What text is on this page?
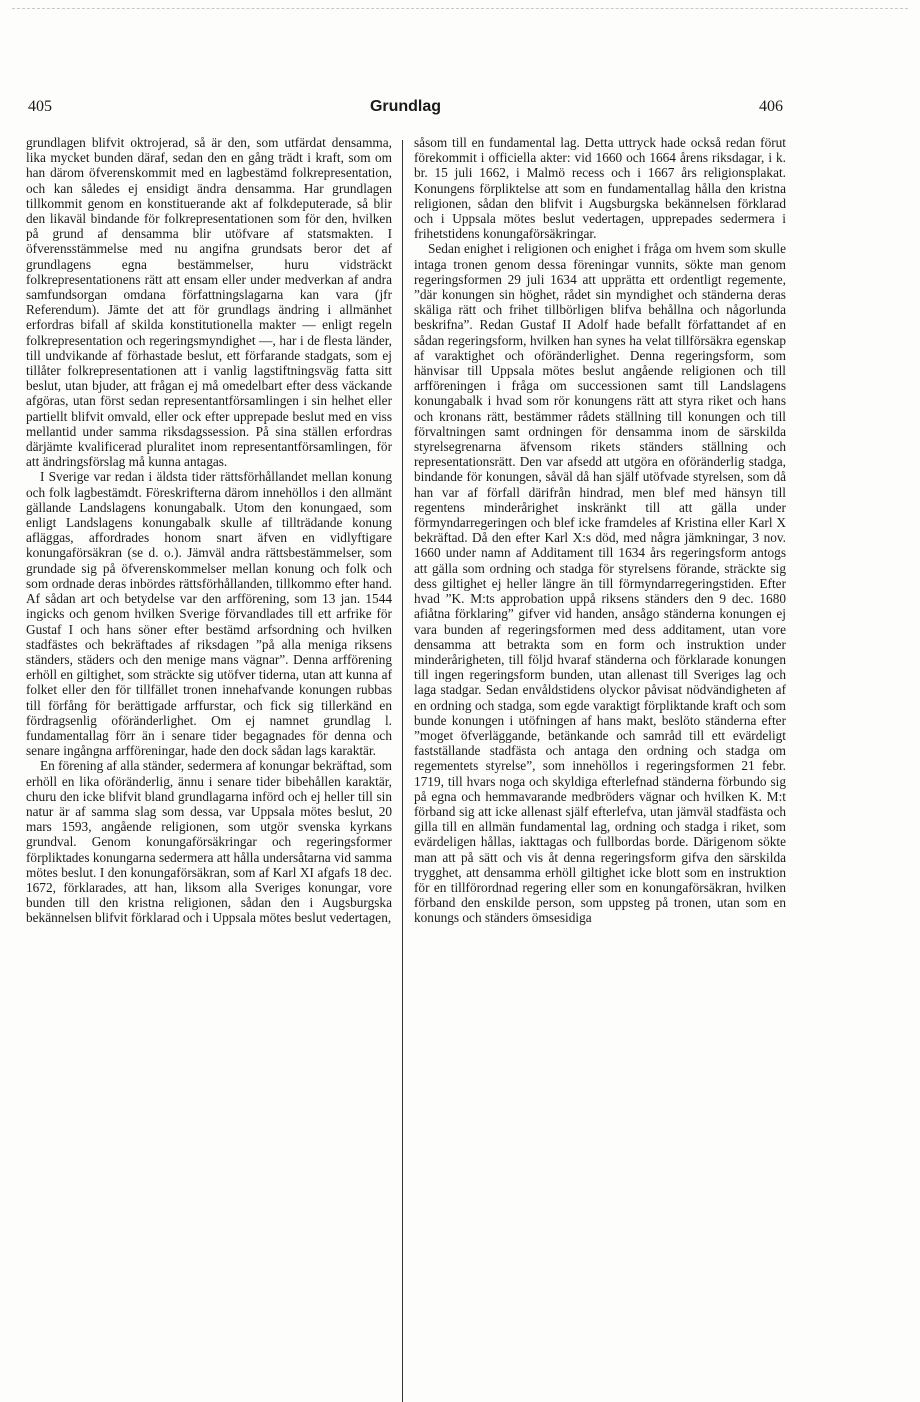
405	Grundlag	406

grundlagen blifvit oktrojerad, så är den, som utfärdat densamma, lika mycket bunden däraf, sedan den en gång trädt i kraft, som om han därom öfverenskommit med en lagbestämd folkrepresentation, och kan således ej ensidigt ändra densamma. Har grundlagen tillkommit genom en konstituerande akt af folkdeputerade, så blir den likaväl bindande för folkrepresentationen som för den, hvilken på grund af densamma blir utöfvare af statsmakten. I öfverensstämmelse med nu angifna grundsats beror det af grundlagens egna bestämmelser, huru vidsträckt folkrepresentationens rätt att ensam eller under medverkan af andra samfundsorgan omdana författningslagarna kan vara (jfr Referendum). Jämte det att för grundlags ändring i allmänhet erfordras bifall af skilda konstitutionella makter — enligt regeln folkrepresentation och regeringsmyndighet —, har i de flesta länder, till undvikande af förhastade beslut, ett förfarande stadgats, som ej tillåter folkrepresentationen att i vanlig lagstiftningsväg fatta sitt beslut, utan bjuder, att frågan ej må omedelbart efter dess väckande afgöras, utan först sedan representantförsamlingen i sin helhet eller partiellt blifvit omvald, eller ock efter upprepade beslut med en viss mellantid under samma riksdagssession. På sina ställen erfordras därjämte kvalificerad pluralitet inom representantförsamlingen, för att ändringsförslag må kunna antagas.

I Sverige var redan i äldsta tider rättsförhållandet mellan konung och folk lagbestämdt. Föreskrifterna därom innehöllos i den allmänt gällande Landslagens konungabalk. Utom den konungaed, som enligt Landslagens konungabalk skulle af tillträdande konung afläggas, affordrades honom snart äfven en vidlyftigare konungaförsäkran (se d. o.). Jämväl andra rättsbestämmelser, som grundade sig på öfverenskommelser mellan konung och folk och som ordnade deras inbördes rättsförhållanden, tillkommo efter hand. Af sådan art och betydelse var den arfförening, som 13 jan. 1544 ingicks och genom hvilken Sverige förvandlades till ett arfrike för Gustaf I och hans söner efter bestämd arfsordning och hvilken stadfästes och bekräftades af riksdagen ”på alla meniga riksens ständers, städers och den menige mans vägnar”. Denna arfförening erhöll en giltighet, som sträckte sig utöfver tiderna, utan att kunna af folket eller den för tillfället tronen innehafvande konungen rubbas till förfång för berättigade arffurstar, och fick sig tillerkänd en fördragsenlig oföränderlighet. Om ej namnet grundlag l. fundamentallag förr än i senare tider begagnades för denna och senare ingångna arfföreningar, hade den dock sådan lags karaktär.

En förening af alla ständer, sedermera af konungar bekräftad, som erhöll en lika oföränderlig, ännu i senare tider bibehållen karaktär, churu den icke blifvit bland grundlagarna införd och ej heller till sin natur är af samma slag som dessa, var Uppsala mötes beslut, 20 mars 1593, angående religionen, som utgör svenska kyrkans grundval. Genom konungaförsäkringar och regeringsformer förpliktades konungarna sedermera att hålla undersåtarna vid samma mötes beslut. I den konungaförsäkran, som af Karl XI afgafs 18 dec. 1672, förklarades, att han, liksom alla Sveriges konungar, vore bunden till den kristna religionen, sådan den i Augsburgska bekännelsen blifvit förklarad och i Uppsala mötes beslut vedertagen,

såsom till en fundamental lag. Detta uttryck hade också redan förut förekommit i officiella akter: vid 1660 och 1664 årens riksdagar, i k. br. 15 juli 1662, i Malmö recess och i 1667 års religionsplakat. Konungens förpliktelse att som en fundamentallag hålla den kristna religionen, sådan den blifvit i Augsburgska bekännelsen förklarad och i Uppsala mötes beslut vedertagen, upprepades sedermera i frihetstidens konungaförsäkringar.

Sedan enighet i religionen och enighet i fråga om hvem som skulle intaga tronen genom dessa föreningar vunnits, sökte man genom regeringsformen 29 juli 1634 att upprätta ett ordentligt regemente, ”där konungen sin höghet, rådet sin myndighet och ständerna deras skäliga rätt och frihet tillbörligen blifva behållna och någorlunda beskrifna”. Redan Gustaf II Adolf hade befallt författandet af en sådan regeringsform, hvilken han synes ha velat tillförsäkra egenskap af varaktighet och oföränderlighet. Denna regeringsform, som hänvisar till Uppsala mötes beslut angående religionen och till arfföreningen i fråga om successionen samt till Landslagens konungabalk i hvad som rör konungens rätt att styra riket och hans och kronans rätt, bestämmer rådets ställning till konungen och till förvaltningen samt ordningen för densamma inom de särskilda styrelsegrenarna äfvensom rikets ständers ställning och representationsrätt. Den var afsedd att utgöra en oföränderlig stadga, bindande för konungen, såväl då han själf utöfvade styrelsen, som då han var af förfall därifrån hindrad, men blef med hänsyn till regentens minderårighet inskränkt till att gälla under förmyndarregeringen och blef icke framdeles af Kristina eller Karl X bekräftad. Då den efter Karl X:s död, med några jämkningar, 3 nov. 1660 under namn af Additament till 1634 års regeringsform antogs att gälla som ordning och stadga för styrelsens förande, sträckte sig dess giltighet ej heller längre än till förmyndarregeringstiden. Efter hvad ”K. M:ts approbation uppå riksens ständers den 9 dec. 1680 afiåtna förklaring” gifver vid handen, ansågo ständerna konungen ej vara bunden af regeringsformen med dess additament, utan vore densamma att betrakta som en form och instruktion under minderårigheten, till följd hvaraf ständerna och förklarade konungen till ingen regeringsform bunden, utan allenast till Sveriges lag och laga stadgar. Sedan envåldstidens olyckor påvisat nödvändigheten af en ordning och stadga, som egde varaktigt förpliktande kraft och som bunde konungen i utöfningen af hans makt, beslöto ständerna efter ”moget öfverläggande, betänkande och samråd till ett evärdeligt fastställande stadfästa och antaga den ordning och stadga om regementets styrelse”, som innehöllos i regeringsformen 21 febr. 1719, till hvars noga och skyldiga efterlefnad ständerna förbundo sig på egna och hemmavarande medbröders vägnar och hvilken K. M:t förband sig att icke allenast själf efterlefva, utan jämväl stadfästa och gilla till en allmän fundamental lag, ordning och stadga i riket, som evärdeligen hållas, iakttagas och fullbordas borde. Därigenom sökte man att på sätt och vis åt denna regeringsform gifva den särskilda trygghet, att densamma erhöll giltighet icke blott som en instruktion för en tillförordnad regering eller som en konungaförsäkran, hvilken förband den enskilde person, som uppsteg på tronen, utan som en konungs och ständers ömsesidiga
